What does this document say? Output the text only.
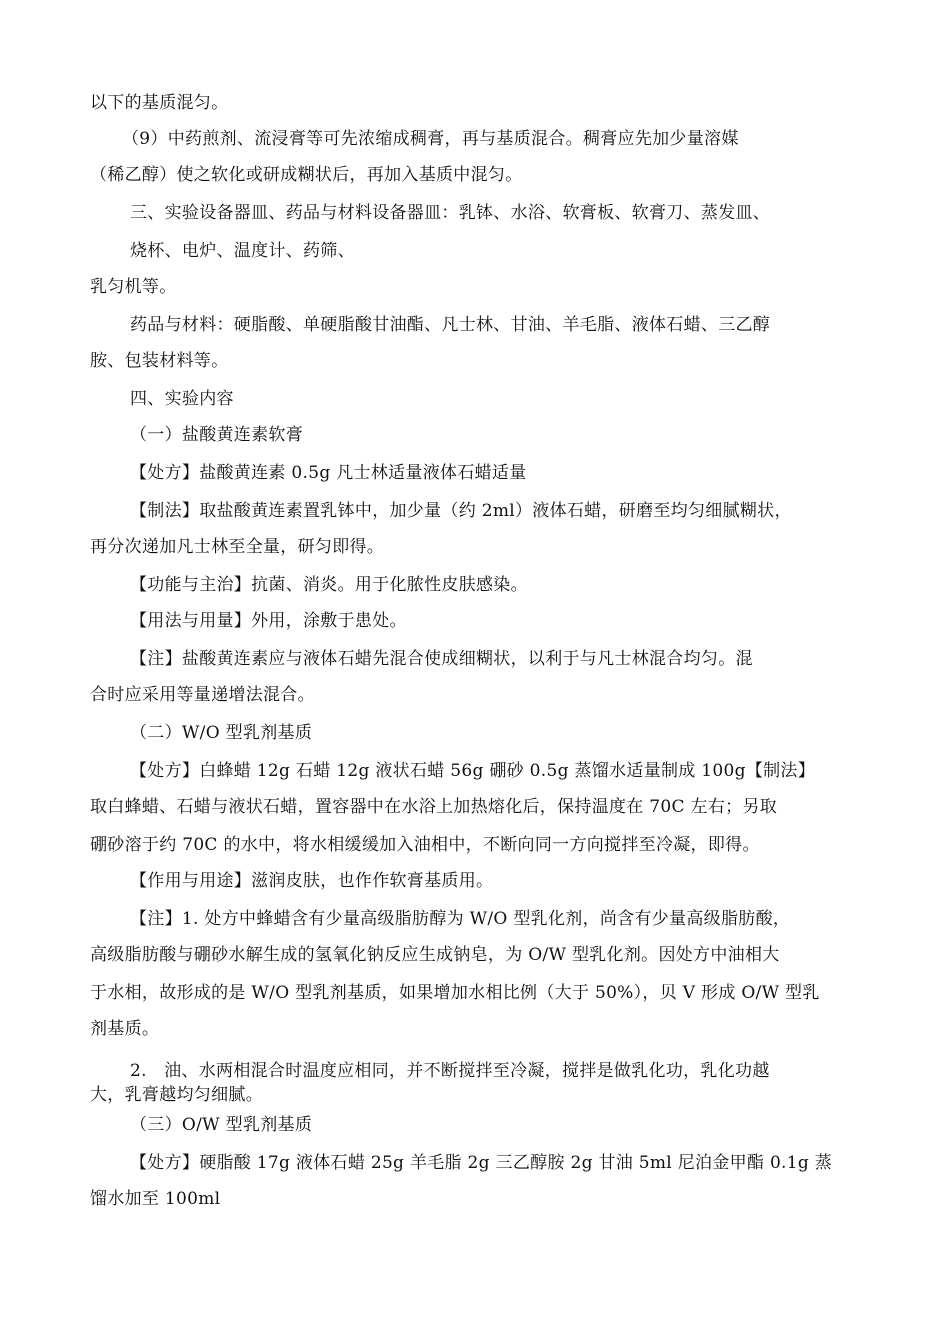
以下的基质混匀。
（9）中药煎剂、流浸膏等可先浓缩成稠膏，再与基质混合。稠膏应先加少量溶媒
（稀乙醇）使之软化或研成糊状后，再加入基质中混匀。
三、实验设备器皿、药品与材料设备器皿：乳钵、水浴、软膏板、软膏刀、蒸发皿、
烧杯、电炉、温度计、药筛、
乳匀机等。
药品与材料：硬脂酸、单硬脂酸甘油酯、凡士林、甘油、羊毛脂、液体石蜡、三乙醇
胺、包装材料等。
四、实验内容
（一）盐酸黄连素软膏
【处方】盐酸黄连素 0.5g 凡士林适量液体石蜡适量
【制法】取盐酸黄连素置乳钵中，加少量（约 2ml）液体石蜡，研磨至均匀细腻糊状，
再分次递加凡士林至全量，研匀即得。
【功能与主治】抗菌、消炎。用于化脓性皮肤感染。
【用法与用量】外用，涂敷于患处。
【注】盐酸黄连素应与液体石蜡先混合使成细糊状，以利于与凡士林混合均匀。混
合时应采用等量递增法混合。
（二）W/O 型乳剂基质
【处方】白蜂蜡 12g 石蜡 12g 液状石蜡 56g 硼砂 0.5g 蒸馏水适量制成 100g【制法】
取白蜂蜡、石蜡与液状石蜡，置容器中在水浴上加热熔化后，保持温度在 70C 左右；另取
硼砂溶于约 70C 的水中，将水相缓缓加入油相中，不断向同一方向搅拌至冷凝，即得。
【作用与用途】滋润皮肤，也作作软膏基质用。
【注】1. 处方中蜂蜡含有少量高级脂肪醇为 W/O 型乳化剂，尚含有少量高级脂肪酸，
高级脂肪酸与硼砂水解生成的氢氧化钠反应生成钠皂，为 O/W 型乳化剂。因处方中油相大
于水相，故形成的是 W/O 型乳剂基质，如果增加水相比例（大于 50%），贝 V 形成 O/W 型乳
剂基质。
2.　油、水两相混合时温度应相同，并不断搅拌至冷凝，搅拌是做乳化功，乳化功越
大，乳膏越均匀细腻。
（三）O/W 型乳剂基质
【处方】硬脂酸 17g 液体石蜡 25g 羊毛脂 2g 三乙醇胺 2g 甘油 5ml 尼泊金甲酯 0.1g 蒸
馏水加至 100ml
